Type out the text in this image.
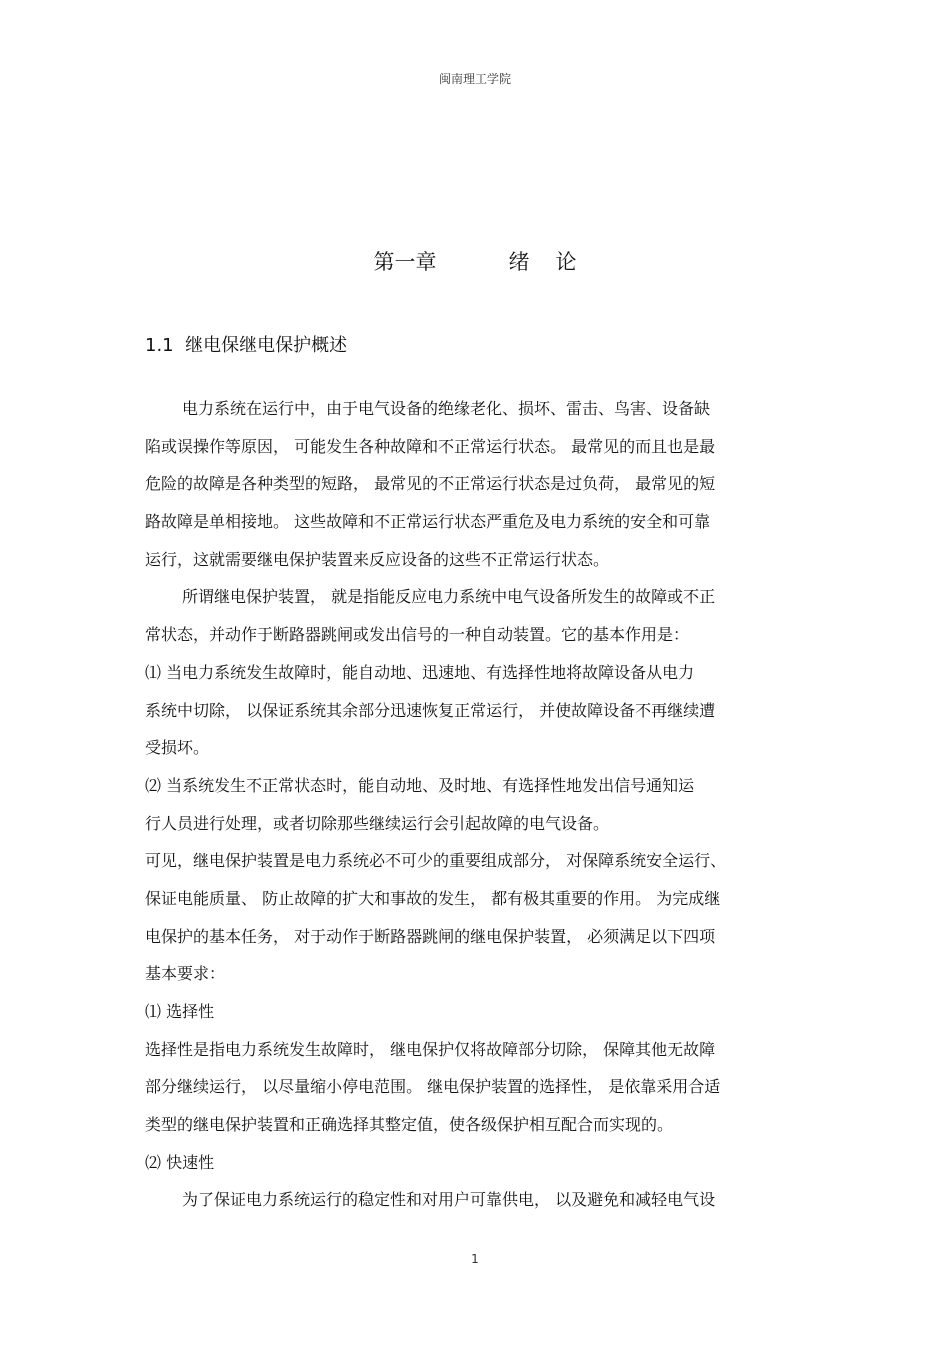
闽南理工学院
第一章	绪 论
1.1 继电保继电保护概述
电力系统在运行中，由于电气设备的绝缘老化、损坏、雷击、鸟害、设备缺
陷或误操作等原因， 可能发生各种故障和不正常运行状态。 最常见的而且也是最
危险的故障是各种类型的短路， 最常见的不正常运行状态是过负荷， 最常见的短
路故障是单相接地。 这些故障和不正常运行状态严重危及电力系统的安全和可靠
运行，这就需要继电保护装置来反应设备的这些不正常运行状态。
所谓继电保护装置， 就是指能反应电力系统中电气设备所发生的故障或不正
常状态，并动作于断路器跳闸或发出信号的一种自动装置。它的基本作用是：
⑴ 当电力系统发生故障时，能自动地、迅速地、有选择性地将故障设备从电力
系统中切除， 以保证系统其余部分迅速恢复正常运行， 并使故障设备不再继续遭
受损坏。
⑵ 当系统发生不正常状态时，能自动地、及时地、有选择性地发出信号通知运
行人员进行处理，或者切除那些继续运行会引起故障的电气设备。
可见，继电保护装置是电力系统必不可少的重要组成部分， 对保障系统安全运行、
保证电能质量、 防止故障的扩大和事故的发生， 都有极其重要的作用。 为完成继
电保护的基本任务， 对于动作于断路器跳闸的继电保护装置， 必须满足以下四项
基本要求：
⑴ 选择性
选择性是指电力系统发生故障时， 继电保护仅将故障部分切除， 保障其他无故障
部分继续运行， 以尽量缩小停电范围。 继电保护装置的选择性， 是依靠采用合适
类型的继电保护装置和正确选择其整定值，使各级保护相互配合而实现的。
⑵ 快速性
为了保证电力系统运行的稳定性和对用户可靠供电， 以及避免和减轻电气设
1
